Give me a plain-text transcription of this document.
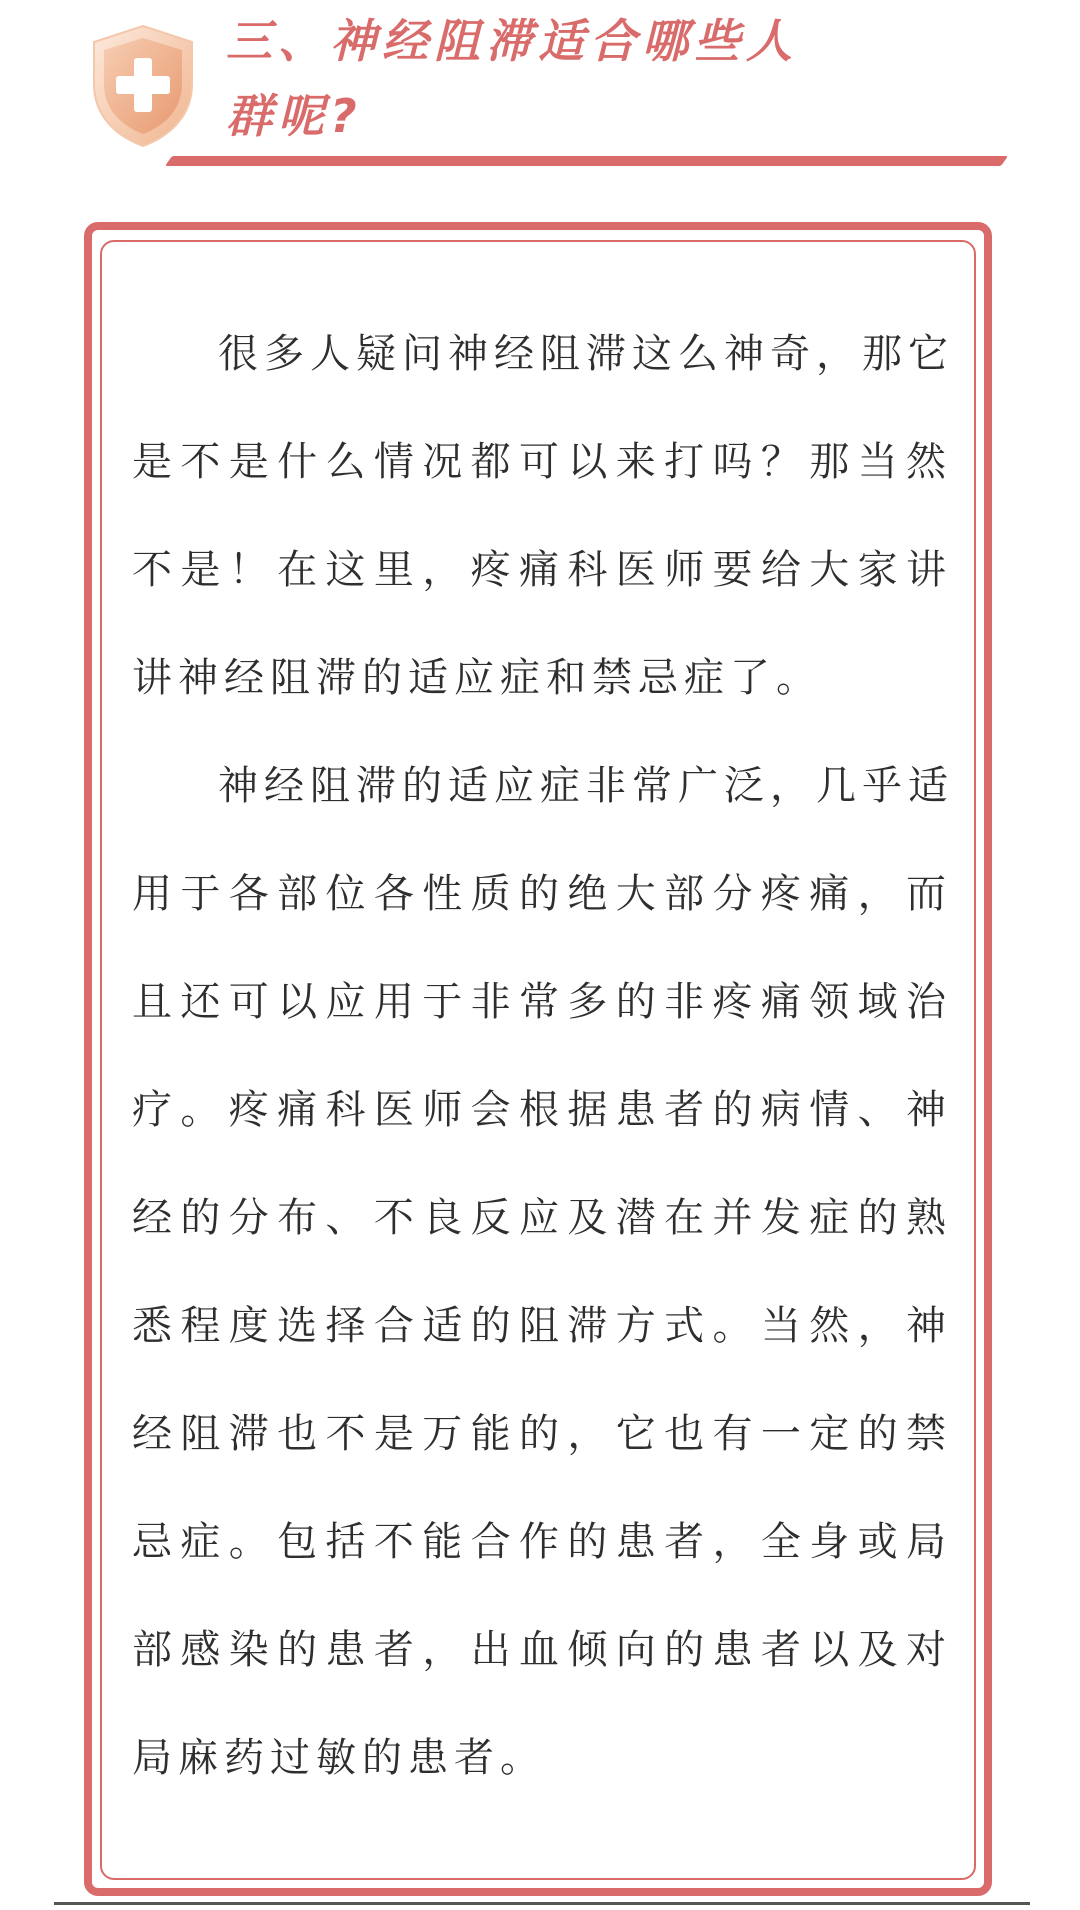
三、神经阻滞适合哪些人
群呢?

很多人疑问神经阻滞这么神奇，那它
是不是什么情况都可以来打吗？那当然
不是！在这里，疼痛科医师要给大家讲
讲神经阻滞的适应症和禁忌症了。

神经阻滞的适应症非常广泛，几乎适
用于各部位各性质的绝大部分疼痛，而
且还可以应用于非常多的非疼痛领域治
疗。疼痛科医师会根据患者的病情、神
经的分布、不良反应及潜在并发症的熟
悉程度选择合适的阻滞方式。当然，神
经阻滞也不是万能的，它也有一定的禁
忌症。包括不能合作的患者，全身或局
部感染的患者，出血倾向的患者以及对
局麻药过敏的患者。
